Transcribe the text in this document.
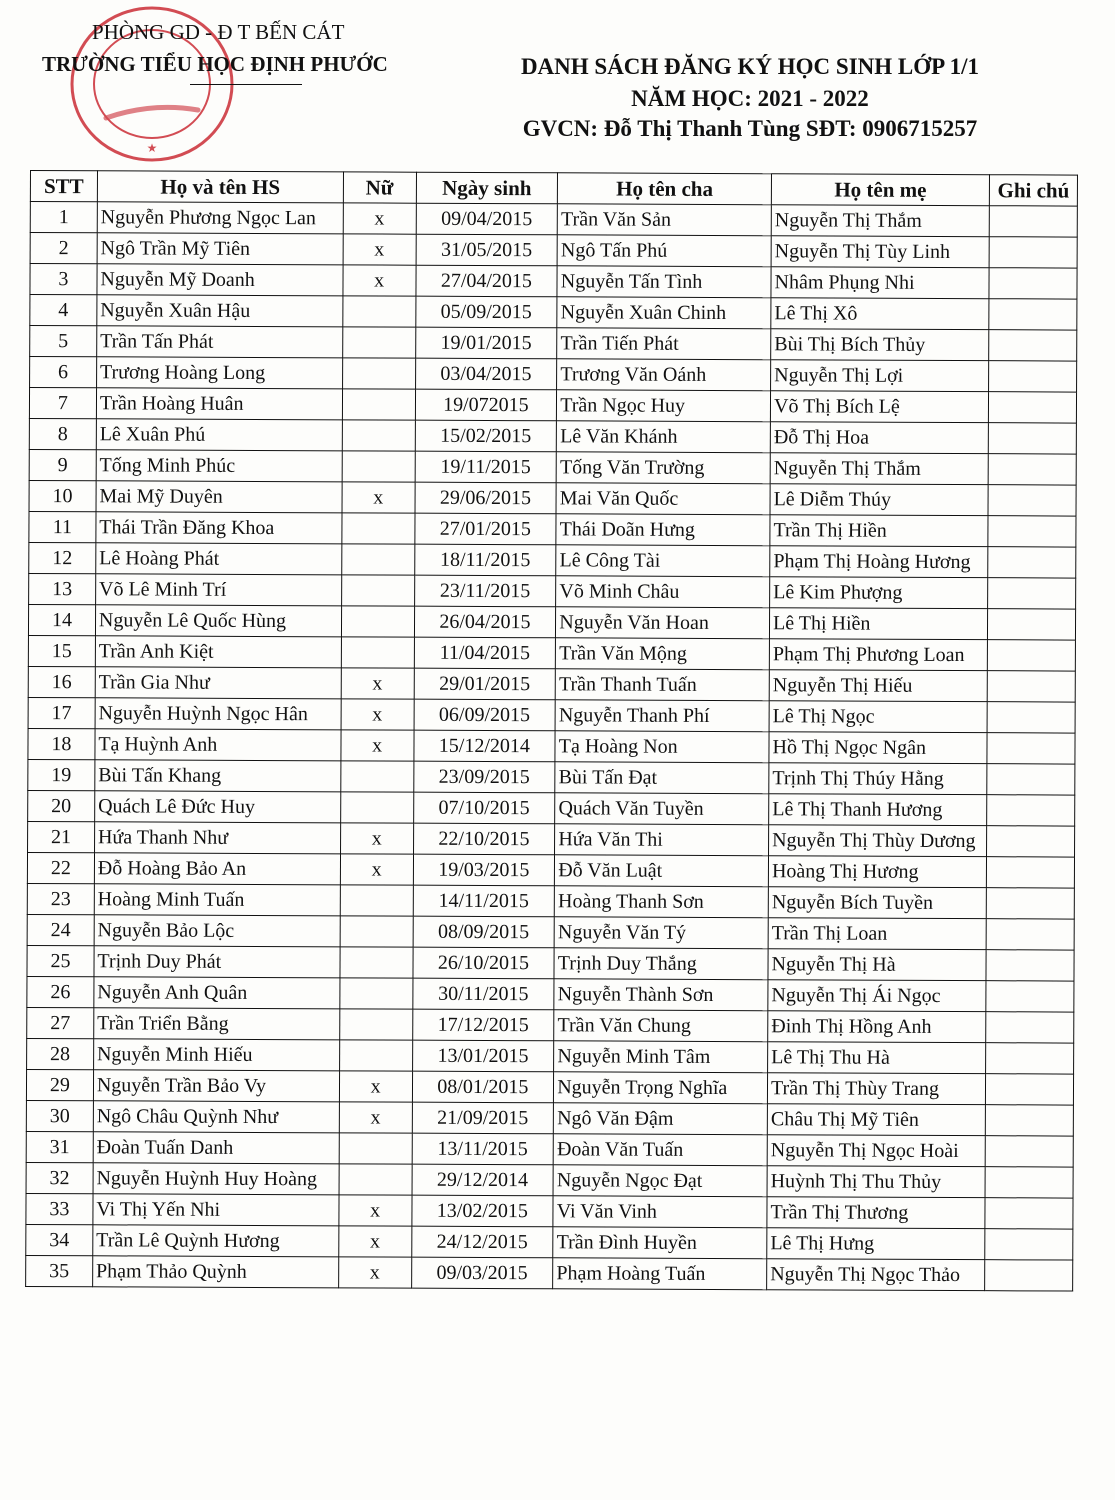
★
PHÒNG GD - Đ T BẾN CÁT
TRƯỜNG TIỂU HỌC ĐỊNH PHƯỚC	DANH SÁCH ĐĂNG KÝ HỌC SINH LỚP 1/1
NĂM HỌC: 2021 - 2022
GVCN: Đỗ Thị Thanh Tùng SĐT: 0906715257
STT	Họ và tên HS	Nữ	Ngày sinh	Họ tên cha	Họ tên mẹ	Ghi chú
1	Nguyễn Phương Ngọc Lan	x	09/04/2015	Trần Văn Sản	Nguyễn Thị Thắm	
2	Ngô Trần Mỹ Tiên	x	31/05/2015	Ngô Tấn Phú	Nguyễn Thị Tùy Linh	
3	Nguyễn Mỹ Doanh	x	27/04/2015	Nguyễn Tấn Tình	Nhâm Phụng Nhi	
4	Nguyễn Xuân Hậu		05/09/2015	Nguyễn Xuân Chinh	Lê Thị Xô	
5	Trần Tấn Phát		19/01/2015	Trần Tiến Phát	Bùi Thị Bích Thủy	
6	Trương Hoàng Long		03/04/2015	Trương Văn Oánh	Nguyễn Thị Lợi	
7	Trần Hoàng Huân		19/072015	Trần Ngọc Huy	Võ Thị Bích Lệ	
8	Lê Xuân Phú		15/02/2015	Lê Văn Khánh	Đỗ Thị Hoa	
9	Tống Minh Phúc		19/11/2015	Tống Văn Trường	Nguyễn Thị Thắm	
10	Mai Mỹ Duyên	x	29/06/2015	Mai Văn Quốc	Lê Diễm Thúy	
11	Thái Trần Đăng Khoa		27/01/2015	Thái Doãn Hưng	Trần Thị Hiền	
12	Lê Hoàng Phát		18/11/2015	Lê Công Tài	Phạm Thị Hoàng Hương	
13	Võ Lê Minh Trí		23/11/2015	Võ Minh Châu	Lê Kim Phượng	
14	Nguyễn Lê Quốc Hùng		26/04/2015	Nguyễn Văn Hoan	Lê Thị Hiền	
15	Trần Anh Kiệt		11/04/2015	Trần Văn Mộng	Phạm Thị Phương Loan	
16	Trần Gia Như	x	29/01/2015	Trần Thanh Tuấn	Nguyễn Thị Hiếu	
17	Nguyễn Huỳnh Ngọc Hân	x	06/09/2015	Nguyễn Thanh Phí	Lê Thị Ngọc	
18	Tạ Huỳnh Anh	x	15/12/2014	Tạ Hoàng Non	Hồ Thị Ngọc Ngân	
19	Bùi Tấn Khang		23/09/2015	Bùi Tấn Đạt	Trịnh Thị Thúy Hằng	
20	Quách Lê Đức Huy		07/10/2015	Quách Văn Tuyền	Lê Thị Thanh Hương	
21	Hứa Thanh Như	x	22/10/2015	Hứa Văn Thi	Nguyễn Thị Thùy Dương	
22	Đỗ Hoàng Bảo An	x	19/03/2015	Đỗ Văn Luật	Hoàng Thị Hương	
23	Hoàng Minh Tuấn		14/11/2015	Hoàng Thanh Sơn	Nguyễn Bích Tuyền	
24	Nguyễn Bảo Lộc		08/09/2015	Nguyễn Văn Tý	Trần Thị Loan	
25	Trịnh Duy Phát		26/10/2015	Trịnh Duy Thắng	Nguyễn Thị Hà	
26	Nguyễn Anh Quân		30/11/2015	Nguyễn Thành Sơn	Nguyễn Thị Ái Ngọc	
27	Trần Triển Bằng		17/12/2015	Trần Văn Chung	Đinh Thị Hồng Anh	
28	Nguyễn Minh Hiếu		13/01/2015	Nguyễn Minh Tâm	Lê Thị Thu Hà	
29	Nguyễn Trần Bảo Vy	x	08/01/2015	Nguyễn Trọng Nghĩa	Trần Thị Thùy Trang	
30	Ngô Châu Quỳnh Như	x	21/09/2015	Ngô Văn Đậm	Châu Thị Mỹ Tiên	
31	Đoàn Tuấn Danh		13/11/2015	Đoàn Văn Tuấn	Nguyễn Thị Ngọc Hoài	
32	Nguyễn Huỳnh Huy Hoàng		29/12/2014	Nguyễn Ngọc Đạt	Huỳnh Thị Thu Thủy	
33	Vi Thị Yến Nhi	x	13/02/2015	Vi Văn Vinh	Trần Thị Thương	
34	Trần Lê Quỳnh Hương	x	24/12/2015	Trần Đình Huyền	Lê Thị Hưng	
35	Phạm Thảo Quỳnh	x	09/03/2015	Phạm Hoàng Tuấn	Nguyễn Thị Ngọc Thảo	
